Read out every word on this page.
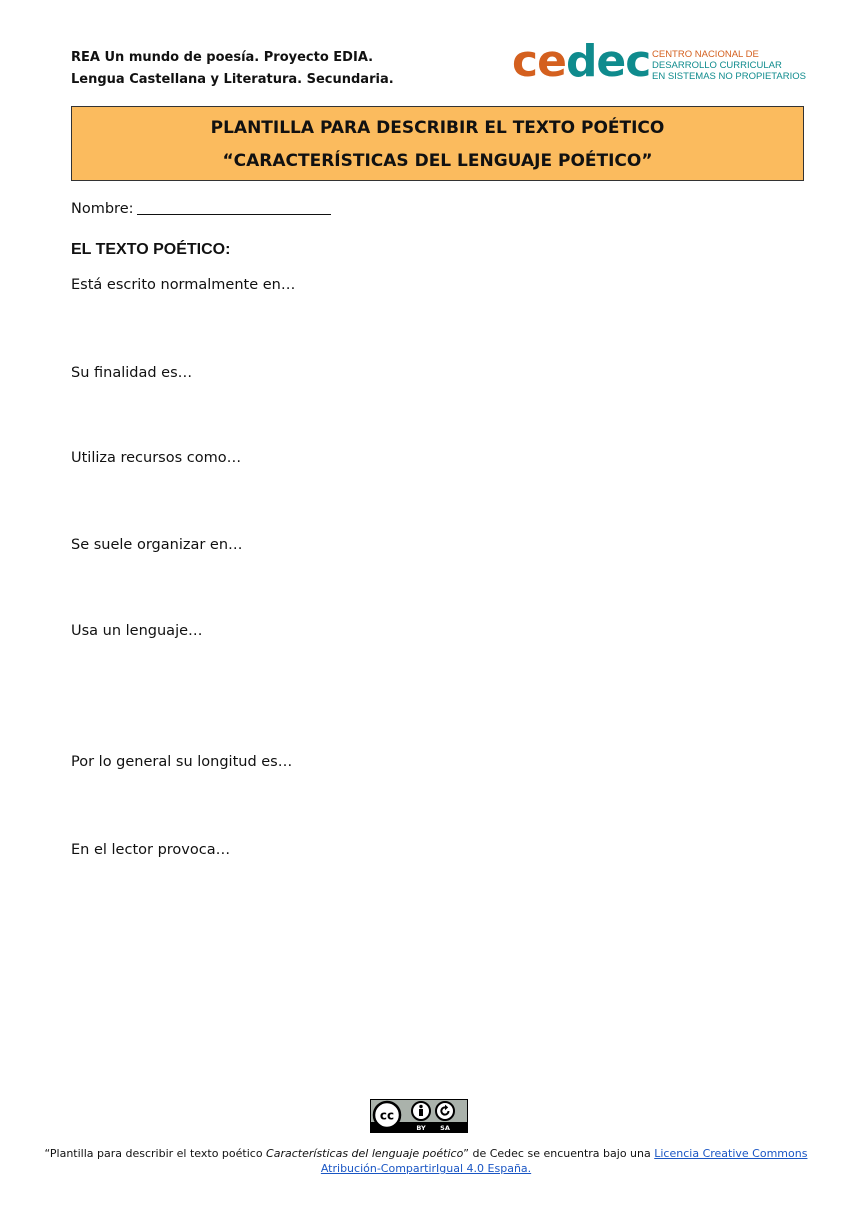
REA Un mundo de poesía. Proyecto EDIA.
Lengua Castellana y Literatura. Secundaria.	cedec CENTRO NACIONAL DE
DESARROLLO CURRICULAR
EN SISTEMAS NO PROPIETARIOS
PLANTILLA PARA DESCRIBIR EL TEXTO POÉTICO
“CARACTERÍSTICAS DEL LENGUAJE POÉTICO”
Nombre:
EL TEXTO POÉTICO:
Está escrito normalmente en…
Su finalidad es…
Utiliza recursos como…
Se suele organizar en…
Usa un lenguaje…
Por lo general su longitud es…
En el lector provoca…
cc
BY SA
“Plantilla para describir el texto poético Características del lenguaje poético” de Cedec se encuentra bajo una Licencia Creative Commons
Atribución-CompartirIgual 4.0 España.
